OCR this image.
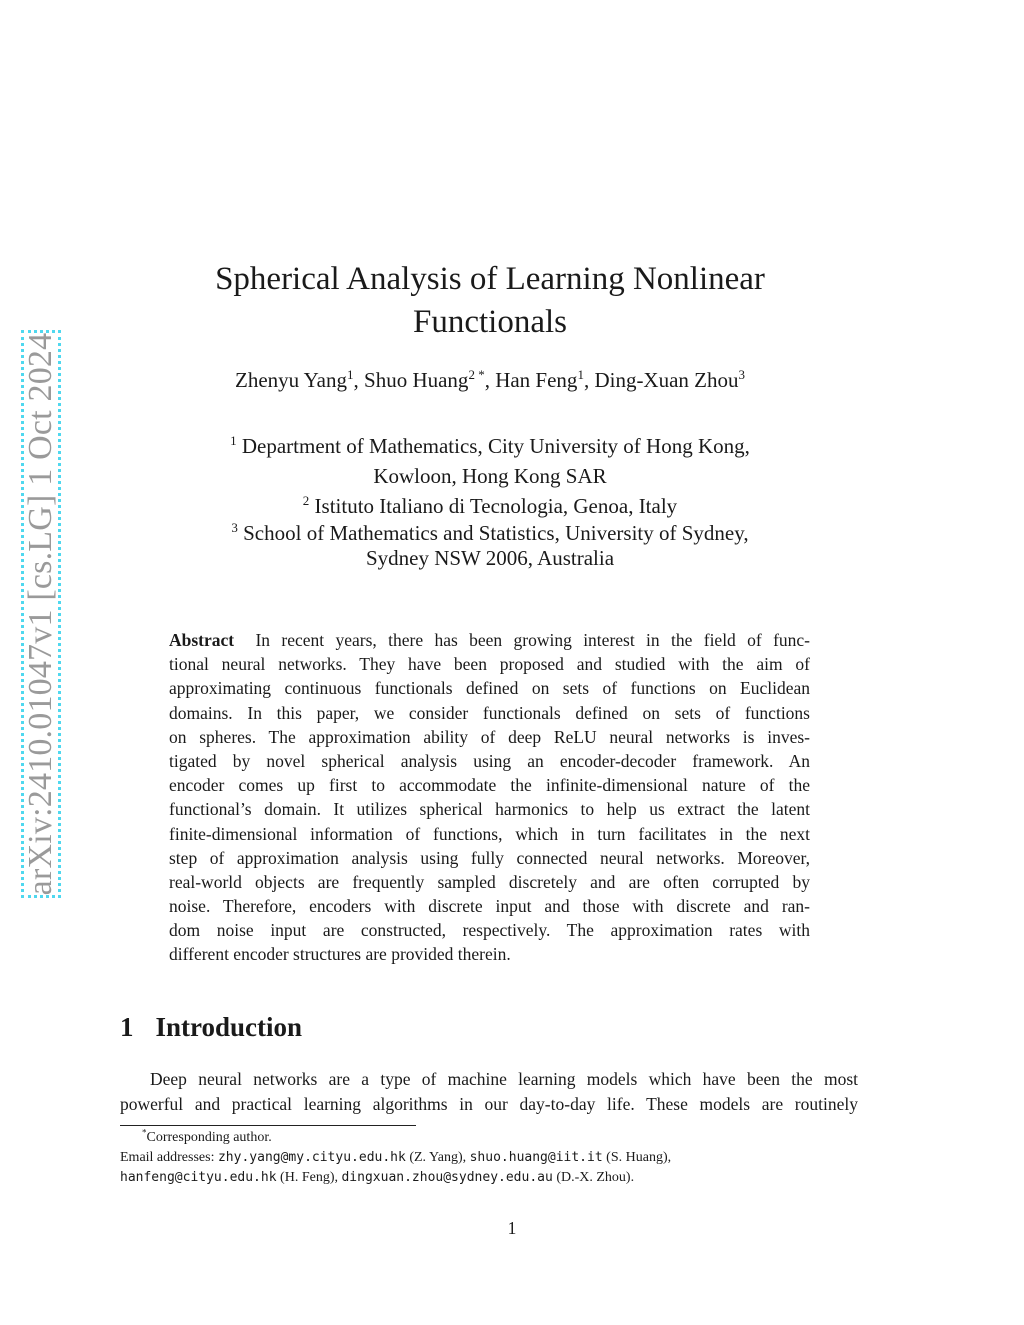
arXiv:2410.01047v1 [cs.LG] 1 Oct 2024
Spherical Analysis of Learning Nonlinear
Functionals
Zhenyu Yang$^1$, Shuo Huang$^{2 *}$, Han Feng$^1$, Ding-Xuan Zhou$^3$
$^1$ Department of Mathematics, City University of Hong Kong,
Kowloon, Hong Kong SAR
$^2$ Istituto Italiano di Tecnologia, Genoa, Italy
$^3$ School of Mathematics and Statistics, University of Sydney,
Sydney NSW 2006, Australia
Abstract In recent years, there has been growing interest in the field of func-
tional neural networks. They have been proposed and studied with the aim of
approximating continuous functionals defined on sets of functions on Euclidean
domains. In this paper, we consider functionals defined on sets of functions
on spheres. The approximation ability of deep ReLU neural networks is inves-
tigated by novel spherical analysis using an encoder-decoder framework. An
encoder comes up first to accommodate the infinite-dimensional nature of the
functional’s domain. It utilizes spherical harmonics to help us extract the latent
finite-dimensional information of functions, which in turn facilitates in the next
step of approximation analysis using fully connected neural networks. Moreover,
real-world objects are frequently sampled discretely and are often corrupted by
noise. Therefore, encoders with discrete input and those with discrete and ran-
dom noise input are constructed, respectively. The approximation rates with
different encoder structures are provided therein.
1 Introduction
Deep neural networks are a type of machine learning models which have been the most
powerful and practical learning algorithms in our day-to-day life. These models are routinely
*Corresponding author.
Email addresses: zhy.yang@my.cityu.edu.hk (Z. Yang), shuo.huang@iit.it (S. Huang),
hanfeng@cityu.edu.hk (H. Feng), dingxuan.zhou@sydney.edu.au (D.-X. Zhou).
1
